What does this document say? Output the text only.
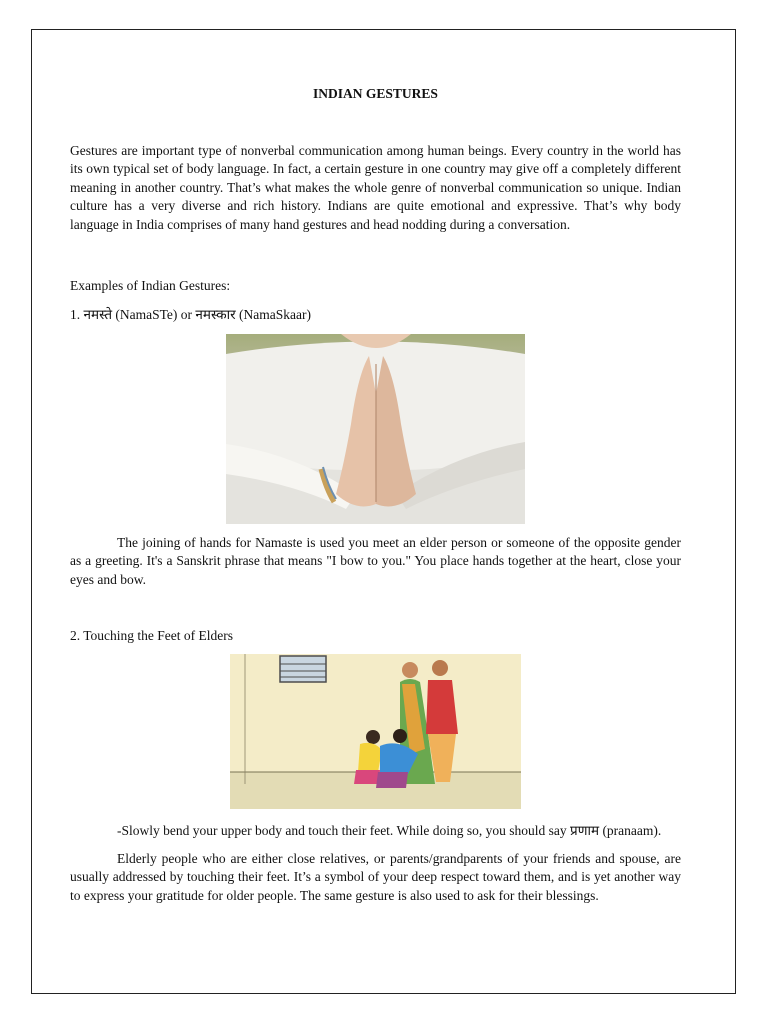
INDIAN GESTURES

Gestures are important type of nonverbal communication among human beings. Every country in the world has its own typical set of body language. In fact, a certain gesture in one country may give off a completely different meaning in another country. That’s what makes the whole genre of nonverbal communication so unique. Indian culture has a very diverse and rich history. Indians are quite emotional and expressive. That’s why body language in India comprises of many hand gestures and head nodding during a conversation.

Examples of Indian Gestures:

1. नमस्ते (NamaSTe) or नमस्कार (NamaSkaar)

The joining of hands for Namaste is used you meet an elder person or someone of the opposite gender as a greeting. It's a Sanskrit phrase that means "I bow to you." You place hands together at the heart, close your eyes and bow.

2. Touching the Feet of Elders

-Slowly bend your upper body and touch their feet. While doing so, you should say प्रणाम (pranaam).

Elderly people who are either close relatives, or parents/grandparents of your friends and spouse, are usually addressed by touching their feet. It’s a symbol of your deep respect toward them, and is yet another way to express your gratitude for older people. The same gesture is also used to ask for their blessings.
